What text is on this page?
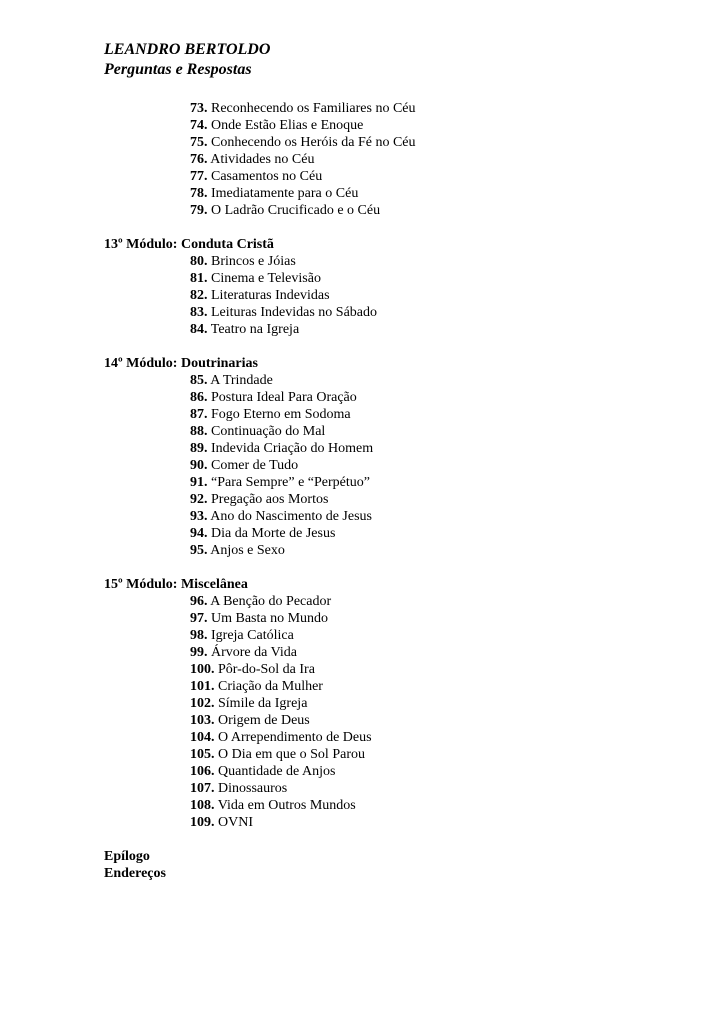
LEANDRO BERTOLDO
Perguntas e Respostas
73. Reconhecendo os Familiares no Céu
74. Onde Estão Elias e Enoque
75. Conhecendo os Heróis da Fé no Céu
76. Atividades no Céu
77. Casamentos no Céu
78. Imediatamente para o Céu
79. O Ladrão Crucificado e o Céu
13º Módulo: Conduta Cristã
80. Brincos e Jóias
81. Cinema e Televisão
82. Literaturas Indevidas
83. Leituras Indevidas no Sábado
84. Teatro na Igreja
14º Módulo: Doutrinarias
85. A Trindade
86. Postura Ideal Para Oração
87. Fogo Eterno em Sodoma
88. Continuação do Mal
89. Indevida Criação do Homem
90. Comer de Tudo
91. “Para Sempre” e “Perpétuo”
92. Pregação aos Mortos
93. Ano do Nascimento de Jesus
94. Dia da Morte de Jesus
95. Anjos e Sexo
15º Módulo: Miscelânea
96. A Benção do Pecador
97. Um Basta no Mundo
98. Igreja Católica
99. Árvore da Vida
100. Pôr-do-Sol da Ira
101. Criação da Mulher
102. Símile da Igreja
103. Origem de Deus
104. O Arrependimento de Deus
105. O Dia em que o Sol Parou
106. Quantidade de Anjos
107. Dinossauros
108. Vida em Outros Mundos
109. OVNI
Epílogo
Endereços
